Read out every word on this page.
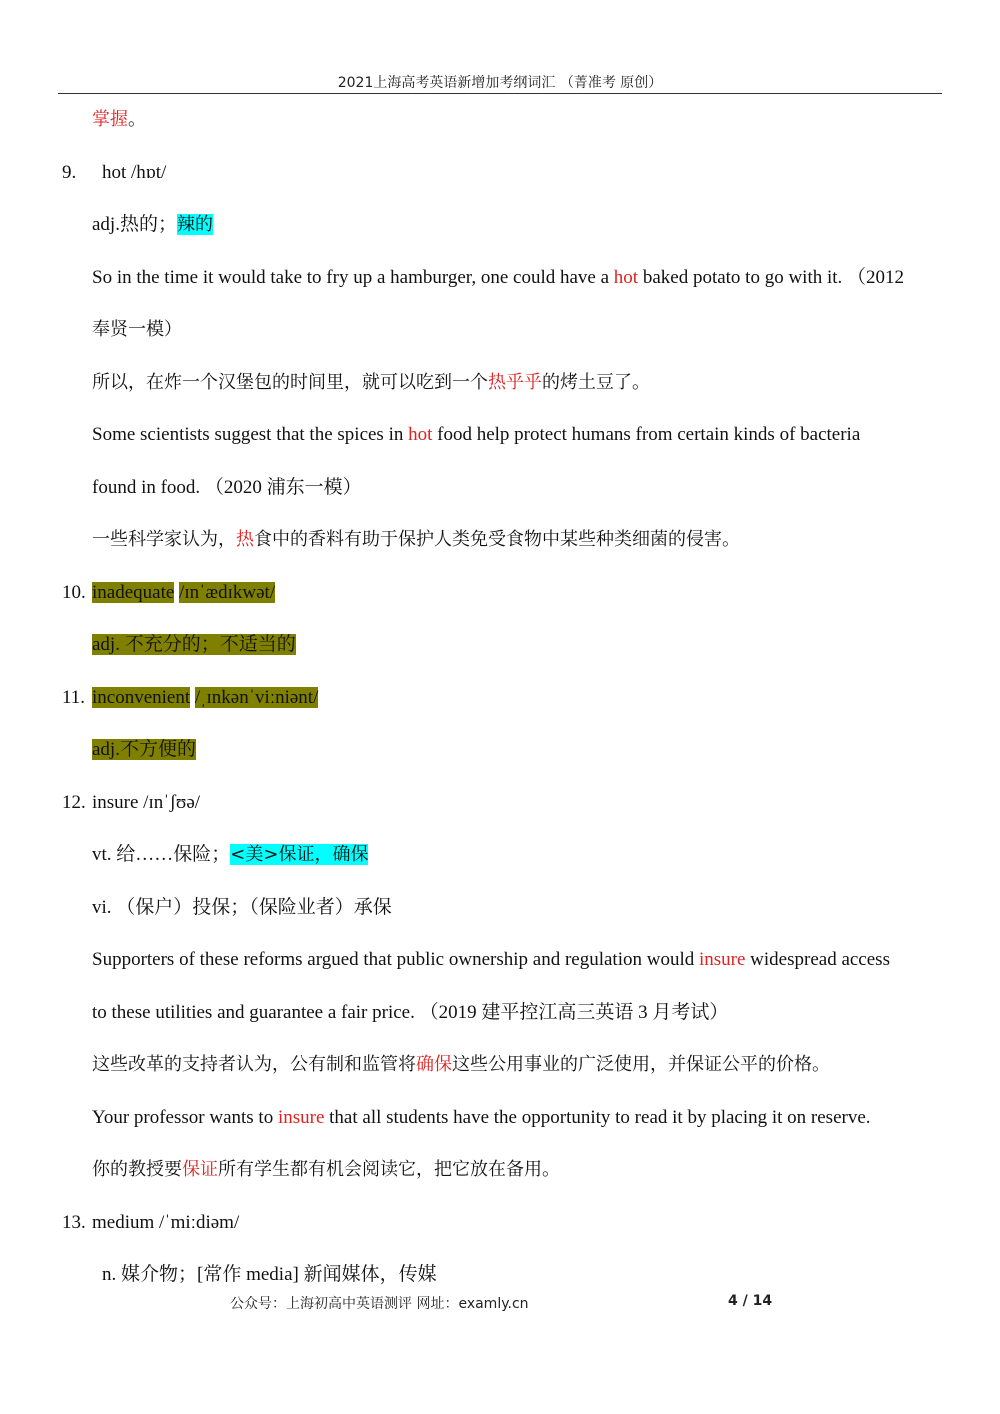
2021上海高考英语新增加考纲词汇 （菁准考 原创）
掌握。
9. hot /hɒt/
adj.热的；辣的
So in the time it would take to fry up a hamburger, one could have a hot baked potato to go with it. （2012
奉贤一模）
所以，在炸一个汉堡包的时间里，就可以吃到一个热乎乎的烤土豆了。
Some scientists suggest that the spices in hot food help protect humans from certain kinds of bacteria
found in food. （2020 浦东一模）
一些科学家认为，热食中的香料有助于保护人类免受食物中某些种类细菌的侵害。
10. inadequate /ɪnˈædɪkwət/
adj. 不充分的；不适当的
11. inconvenient /ˌɪnkənˈviːniənt/
adj.不方便的
12. insure /ɪnˈʃʊə/
vt. 给……保险；<美>保证，确保
vi. （保户）投保；（保险业者）承保
Supporters of these reforms argued that public ownership and regulation would insure widespread access
to these utilities and guarantee a fair price. （2019 建平控江高三英语 3 月考试）
这些改革的支持者认为，公有制和监管将确保这些公用事业的广泛使用，并保证公平的价格。
Your professor wants to insure that all students have the opportunity to read it by placing it on reserve.
你的教授要保证所有学生都有机会阅读它，把它放在备用。
13. medium /ˈmiːdiəm/
n. 媒介物；[常作 media] 新闻媒体，传媒
公众号：上海初高中英语测评 网址：examly.cn	4 / 14
